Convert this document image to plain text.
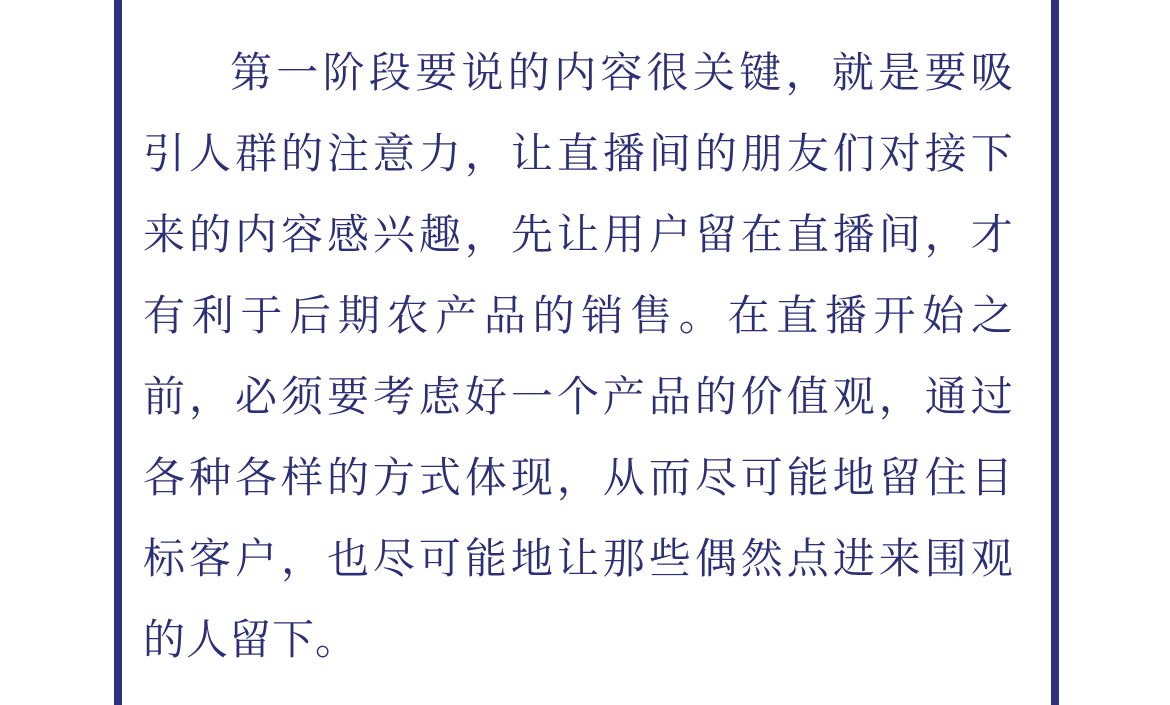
第 一 阶 段 要 说 的 内 容 很 关 键 ， 就 是 要 吸
引 人 群 的 注 意 力 ， 让 直 播 间 的 朋 友 们 对 接 下
来 的 内 容 感 兴 趣 ， 先 让 用 户 留 在 直 播 间 ， 才
有 利 于 后 期 农 产 品 的 销 售 。 在 直 播 开 始 之
前 ， 必 须 要 考 虑 好 一 个 产 品 的 价 值 观 ， 通 过
各 种 各 样 的 方 式 体 现 ， 从 而 尽 可 能 地 留 住 目
标 客 户 ， 也 尽 可 能 地 让 那 些 偶 然 点 进 来 围 观
的人留下。
